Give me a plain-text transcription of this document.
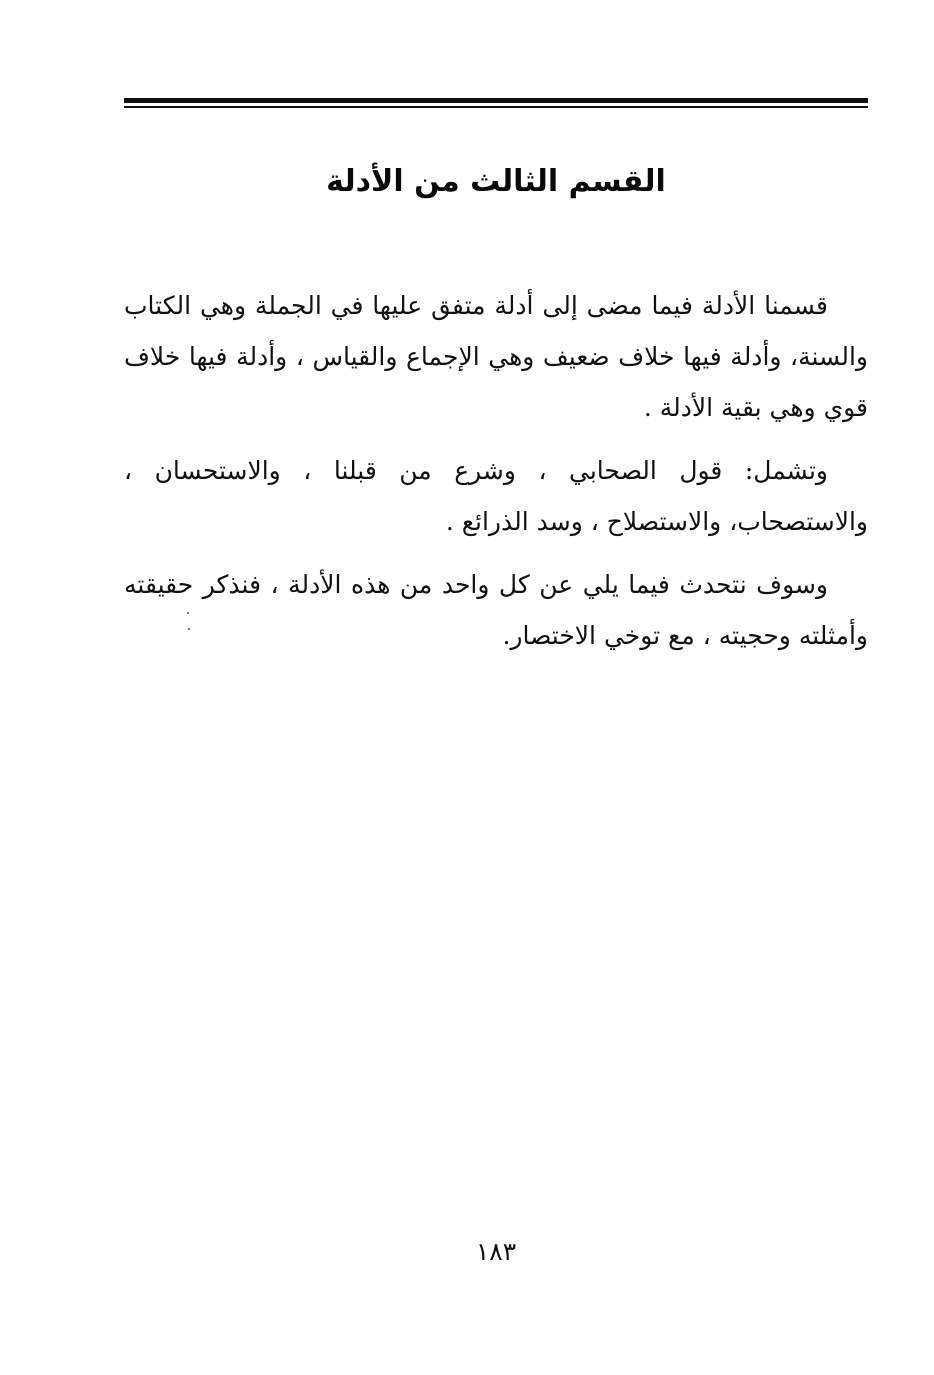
القسم الثالث من الأدلة

قسمنا الأدلة فيما مضى إلى أدلة متفق عليها في الجملة وهي الكتاب والسنة، وأدلة فيها خلاف ضعيف وهي الإجماع والقياس ، وأدلة فيها خلاف قوي وهي بقية الأدلة .

وتشمل: قول الصحابي ، وشرع من قبلنا ، والاستحسان ، والاستصحاب، والاستصلاح ، وسد الذرائع .

وسوف نتحدث فيما يلي عن كل واحد من هذه الأدلة ، فنذكر حقيقته وأمثلته وحجيته ، مع توخي الاختصار.

١٨٣
